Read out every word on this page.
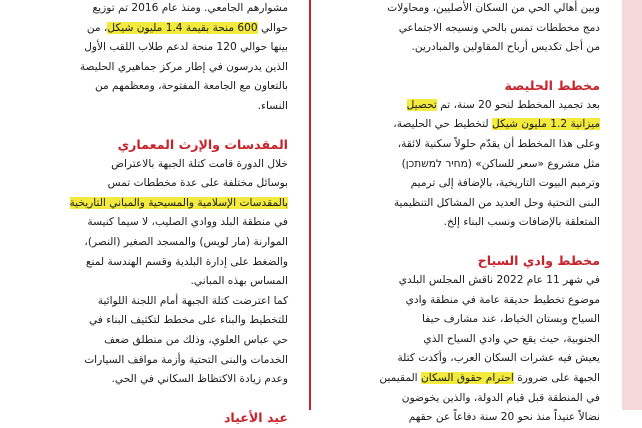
وبين أهالي الحي من السكان الأصليين، ومحاولات

دمج مخططات تمس بالحي ونسيجه الاجتماعي

من أجل تكديس أرباح المقاولين والمبادرين.

مخطط الحليصة

بعد تجميد المخطط لنحو 20 سنة، تم تحصيل

ميزانية 1.2 مليون شيكل لتخطيط حي الحليصة،

وعلى هذا المخطط أن يقدّم حلولاً سكنية لائقة،

مثل مشروع «سعر للساكن» (מחיר למשתכן)

وترميم البيوت التاريخية، بالإضافة إلى ترميم

البنى التحتية وحل العديد من المشاكل التنظيمية

المتعلقة بالإضافات ونسب البناء إلخ.

مخطط وادي السياح

في شهر 11 عام 2022 ناقش المجلس البلدي

موضوع تخطيط حديقة عامة في منطقة وادي

السياح وبستان الخياط، عند مشارف حيفا

الجنوبية، حيث يقع حي وادي السياح الذي

يعيش فيه عشرات السكان العرب، وأكدت كتلة

الجبهة على ضرورة احترام حقوق السكان المقيمين

في المنطقة قبل قيام الدولة، والذين يخوضون

نضالاً عنيداً منذ نحو 20 سنة دفاعاً عن حقهم

مشوارهم الجامعي. ومنذ عام 2016 تم توزيع

حوالي 600 منحة بقيمة 1.4 مليون شيكل، من

بينها حوالي 120 منحة لدعم طلاب اللقب الأول

الذين يدرسون في إطار مركز جماهيري الحليصة

بالتعاون مع الجامعة المفتوحة، ومعظمهم من

النساء.

المقدسات والإرث المعماري

خلال الدورة قامت كتلة الجبهة بالاعتراض

بوسائل مختلفة على عدة مخططات تمس

بالمقدسات الإسلامية والمسيحية والمباني التاريخية

في منطقة البلد ووادي الصليب، لا سيما كنيسة

الموارنة (مار لويس) والمسجد الصغير (النصر)،

والضغط على إدارة البلدية وقسم الهندسة لمنع

المساس بهذه المباني.

كما اعترضت كتلة الجبهة أمام اللجنة اللوائية

للتخطيط والبناء على مخطط لتكثيف البناء في

حي عباس العلوي، وذلك من منطلق ضعف

الخدمات والبنى التحتية وأزمة مواقف السيارات

وعدم زيادة الاكتظاظ السكاني في الحي.

عيد الأعياد
